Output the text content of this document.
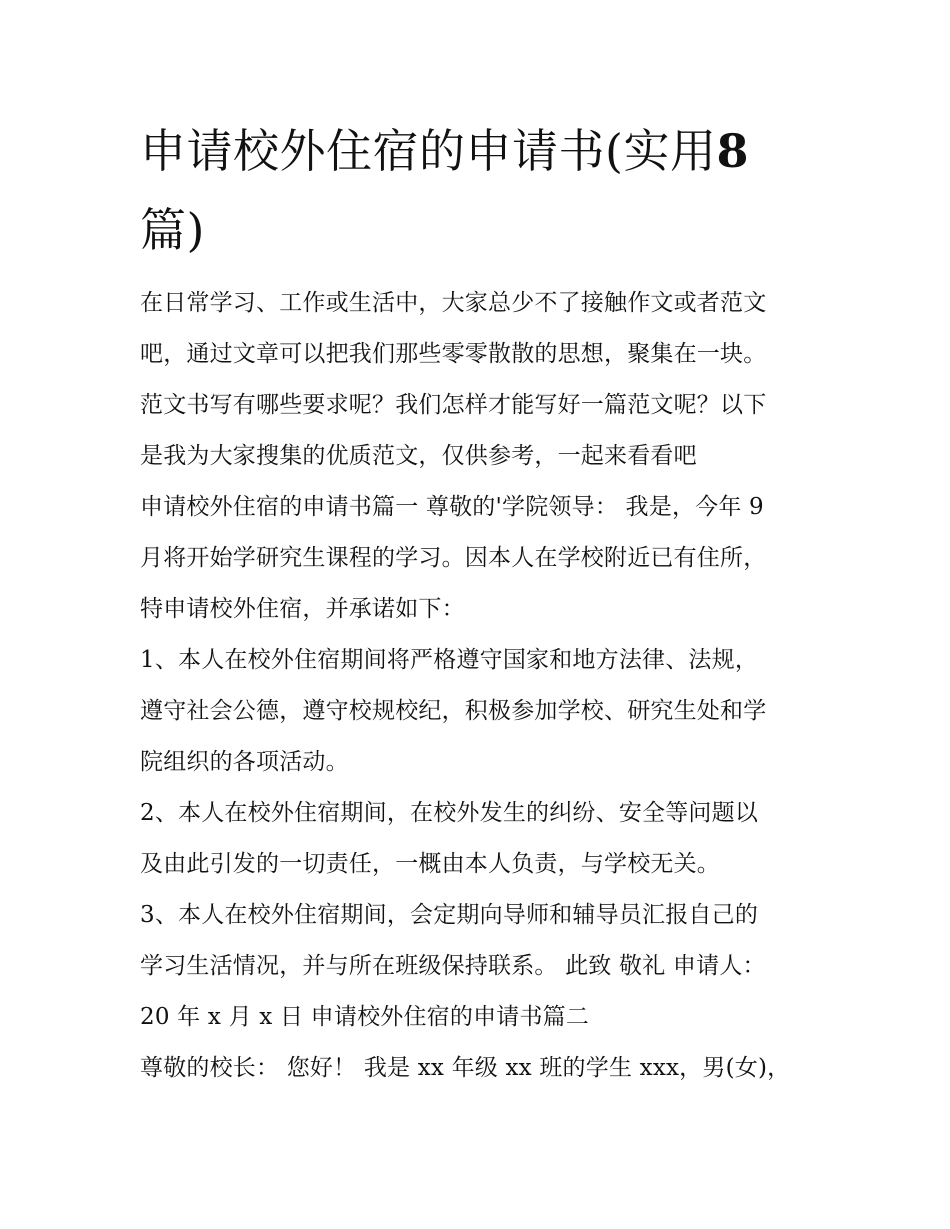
申请校外住宿的申请书(实用8
篇)
在日常学习、工作或生活中，大家总少不了接触作文或者范文
吧，通过文章可以把我们那些零零散散的思想，聚集在一块。
范文书写有哪些要求呢？我们怎样才能写好一篇范文呢？以下
是我为大家搜集的优质范文，仅供参考，一起来看看吧
申请校外住宿的申请书篇一 尊敬的'学院领导： 我是，今年 9
月将开始学研究生课程的学习。因本人在学校附近已有住所，
特申请校外住宿，并承诺如下：
1、本人在校外住宿期间将严格遵守国家和地方法律、法规，
遵守社会公德，遵守校规校纪，积极参加学校、研究生处和学
院组织的各项活动。
2、本人在校外住宿期间，在校外发生的纠纷、安全等问题以
及由此引发的一切责任，一概由本人负责，与学校无关。
3、本人在校外住宿期间，会定期向导师和辅导员汇报自己的
学习生活情况，并与所在班级保持联系。 此致 敬礼 申请人：
20 年 x 月 x 日 申请校外住宿的申请书篇二
尊敬的校长： 您好！ 我是 xx 年级 xx 班的学生 xxx，男(女)，
